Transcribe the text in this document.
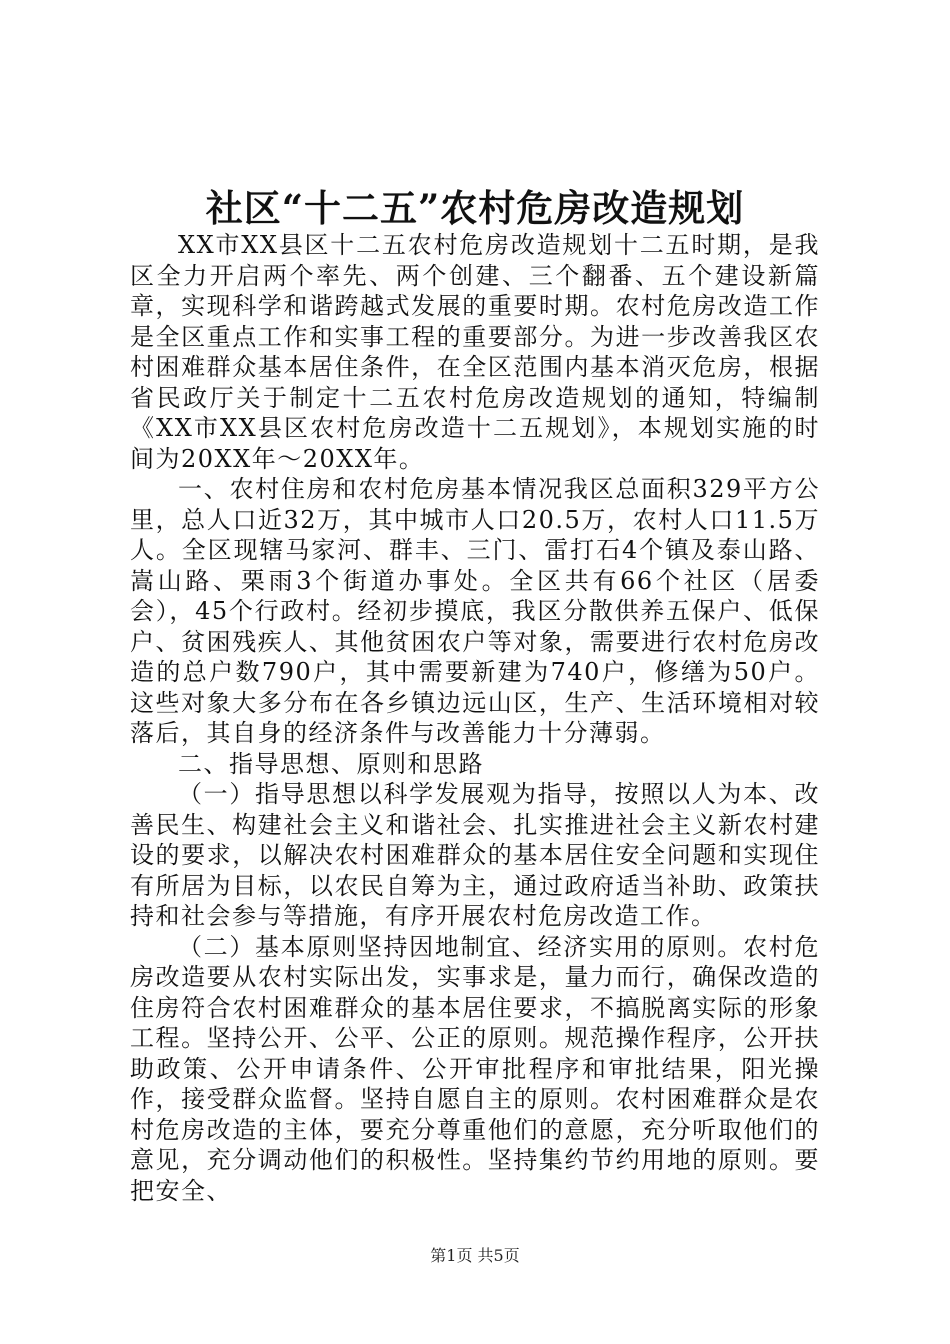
社区“十二五”农村危房改造规划

XX市XX县区十二五农村危房改造规划十二五时期，是我区全力开启两个率先、两个创建、三个翻番、五个建设新篇章，实现科学和谐跨越式发展的重要时期。农村危房改造工作是全区重点工作和实事工程的重要部分。为进一步改善我区农村困难群众基本居住条件，在全区范围内基本消灭危房，根据省民政厅关于制定十二五农村危房改造规划的通知，特编制《XX市XX县区农村危房改造十二五规划》，本规划实施的时间为20XX年～20XX年。

一、农村住房和农村危房基本情况我区总面积329平方公里，总人口近32万，其中城市人口20.5万，农村人口11.5万人。全区现辖马家河、群丰、三门、雷打石4个镇及泰山路、嵩山路、栗雨3个街道办事处。全区共有66个社区（居委会），45个行政村。经初步摸底，我区分散供养五保户、低保户、贫困残疾人、其他贫困农户等对象，需要进行农村危房改造的总户数790户，其中需要新建为740户，修缮为50户。这些对象大多分布在各乡镇边远山区，生产、生活环境相对较落后，其自身的经济条件与改善能力十分薄弱。

二、指导思想、原则和思路

（一）指导思想以科学发展观为指导，按照以人为本、改善民生、构建社会主义和谐社会、扎实推进社会主义新农村建设的要求，以解决农村困难群众的基本居住安全问题和实现住有所居为目标，以农民自筹为主，通过政府适当补助、政策扶持和社会参与等措施，有序开展农村危房改造工作。

（二）基本原则坚持因地制宜、经济实用的原则。农村危房改造要从农村实际出发，实事求是，量力而行，确保改造的住房符合农村困难群众的基本居住要求，不搞脱离实际的形象工程。坚持公开、公平、公正的原则。规范操作程序，公开扶助政策、公开申请条件、公开审批程序和审批结果，阳光操作，接受群众监督。坚持自愿自主的原则。农村困难群众是农村危房改造的主体，要充分尊重他们的意愿，充分听取他们的意见，充分调动他们的积极性。坚持集约节约用地的原则。要把安全、

第1页 共5页
